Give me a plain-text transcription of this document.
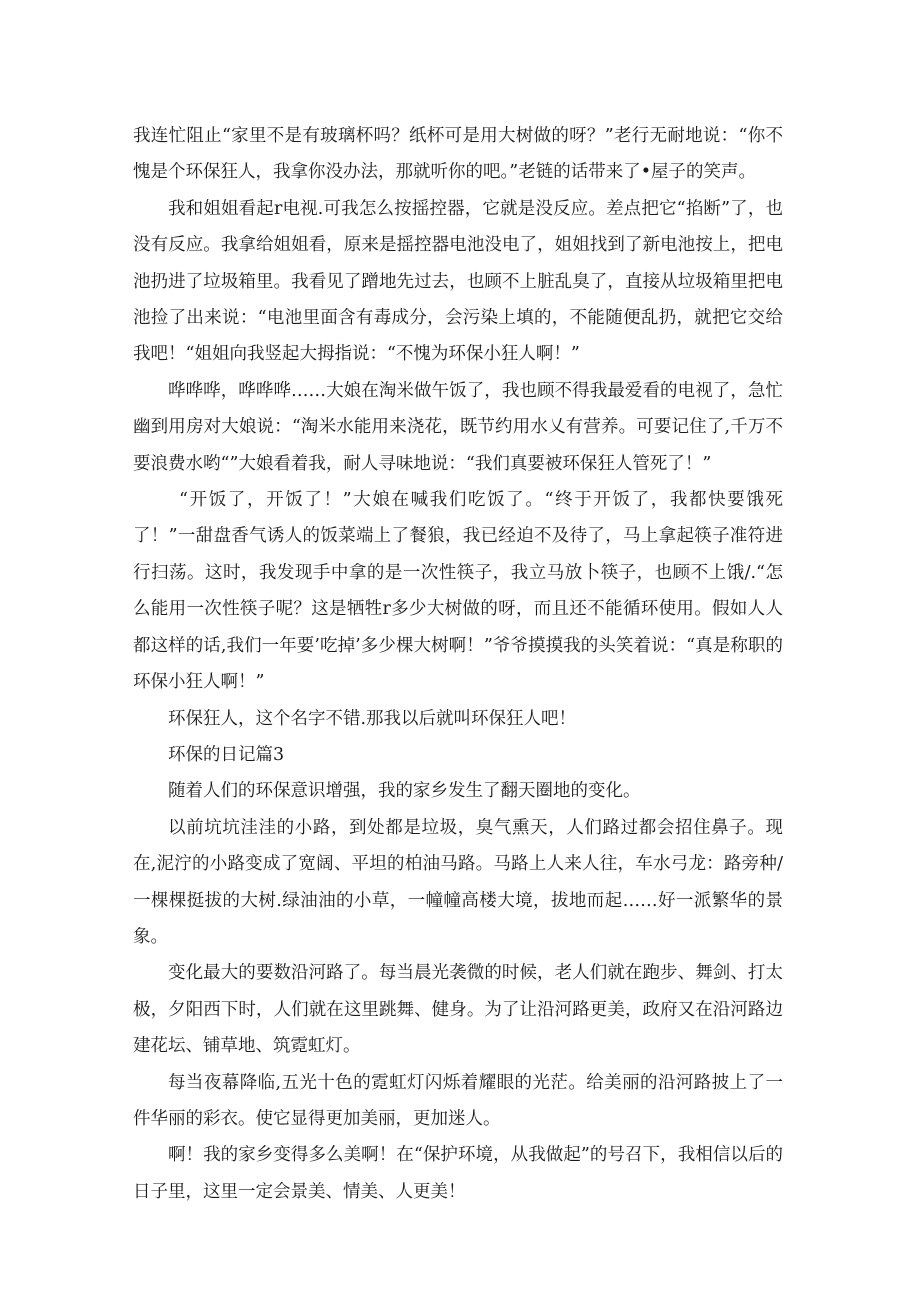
我连忙阻止“家里不是有玻璃杯吗？纸杯可是用大树做的呀？”老行无耐地说：“你不愧是个环保狂人，我拿你没办法，那就听你的吧。”老链的话带来了•屋子的笑声。

我和姐姐看起r电视.可我怎么按摇控器，它就是没反应。差点把它“掐断”了，也没有反应。我拿给姐姐看，原来是摇控器电池没电了，姐姐找到了新电池按上，把电池扔进了垃圾箱里。我看见了蹭地先过去，也顾不上脏乱臭了，直接从垃圾箱里把电池捡了出来说：“电池里面含有毒成分，会污染上填的，不能随便乱扔，就把它交给我吧！“姐姐向我竖起大拇指说：“不愧为环保小狂人啊！”

哗哗哗，哗哗哗……大娘在淘米做午饭了，我也顾不得我最爱看的电视了，急忙幽到用房对大娘说：“淘米水能用来浇花，既节约用水乂有营养。可要记住了,千万不要浪费水哟“”大娘看着我，耐人寻味地说：“我们真要被环保狂人管死了！”

“开饭了，开饭了！”大娘在喊我们吃饭了。“终于开饭了，我都快要饿死了！”一甜盘香气诱人的饭菜端上了餐狼，我已经迫不及待了，马上拿起筷子准符进行扫荡。这时，我发现手中拿的是一次性筷子，我立马放卜筷子，也顾不上饿/.“怎么能用一次性筷子呢？这是牺牲r多少大树做的呀，而且还不能循环使用。假如人人都这样的话,我们一年要’吃掉’多少棵大树啊！”爷爷摸摸我的头笑着说：“真是称职的环保小狂人啊！”

环保狂人，这个名字不错.那我以后就叫环保狂人吧！

环保的日记篇3

随着人们的环保意识增强，我的家乡发生了翻天圈地的变化。

以前坑坑洼洼的小路，到处都是垃圾，臭气熏天，人们路过都会招住鼻子。现在,泥泞的小路变成了宽阔、平坦的柏油马路。马路上人来人往，车水弓龙：路旁种/一棵棵挺拔的大树.绿油油的小草，一幢幢高楼大境，拔地而起……好一派繁华的景象。

变化最大的要数沿河路了。每当晨光袭微的时候，老人们就在跑步、舞剑、打太极，夕阳西下时，人们就在这里跳舞、健身。为了让沿河路更美，政府又在沿河路边建花坛、铺草地、筑霓虹灯。

每当夜幕降临,五光十色的霓虹灯闪烁着耀眼的光茫。给美丽的沿河路披上了一件华丽的彩衣。使它显得更加美丽，更加迷人。

啊！我的家乡变得多么美啊！在“保护环境，从我做起”的号召下，我相信以后的日子里，这里一定会景美、情美、人更美！
